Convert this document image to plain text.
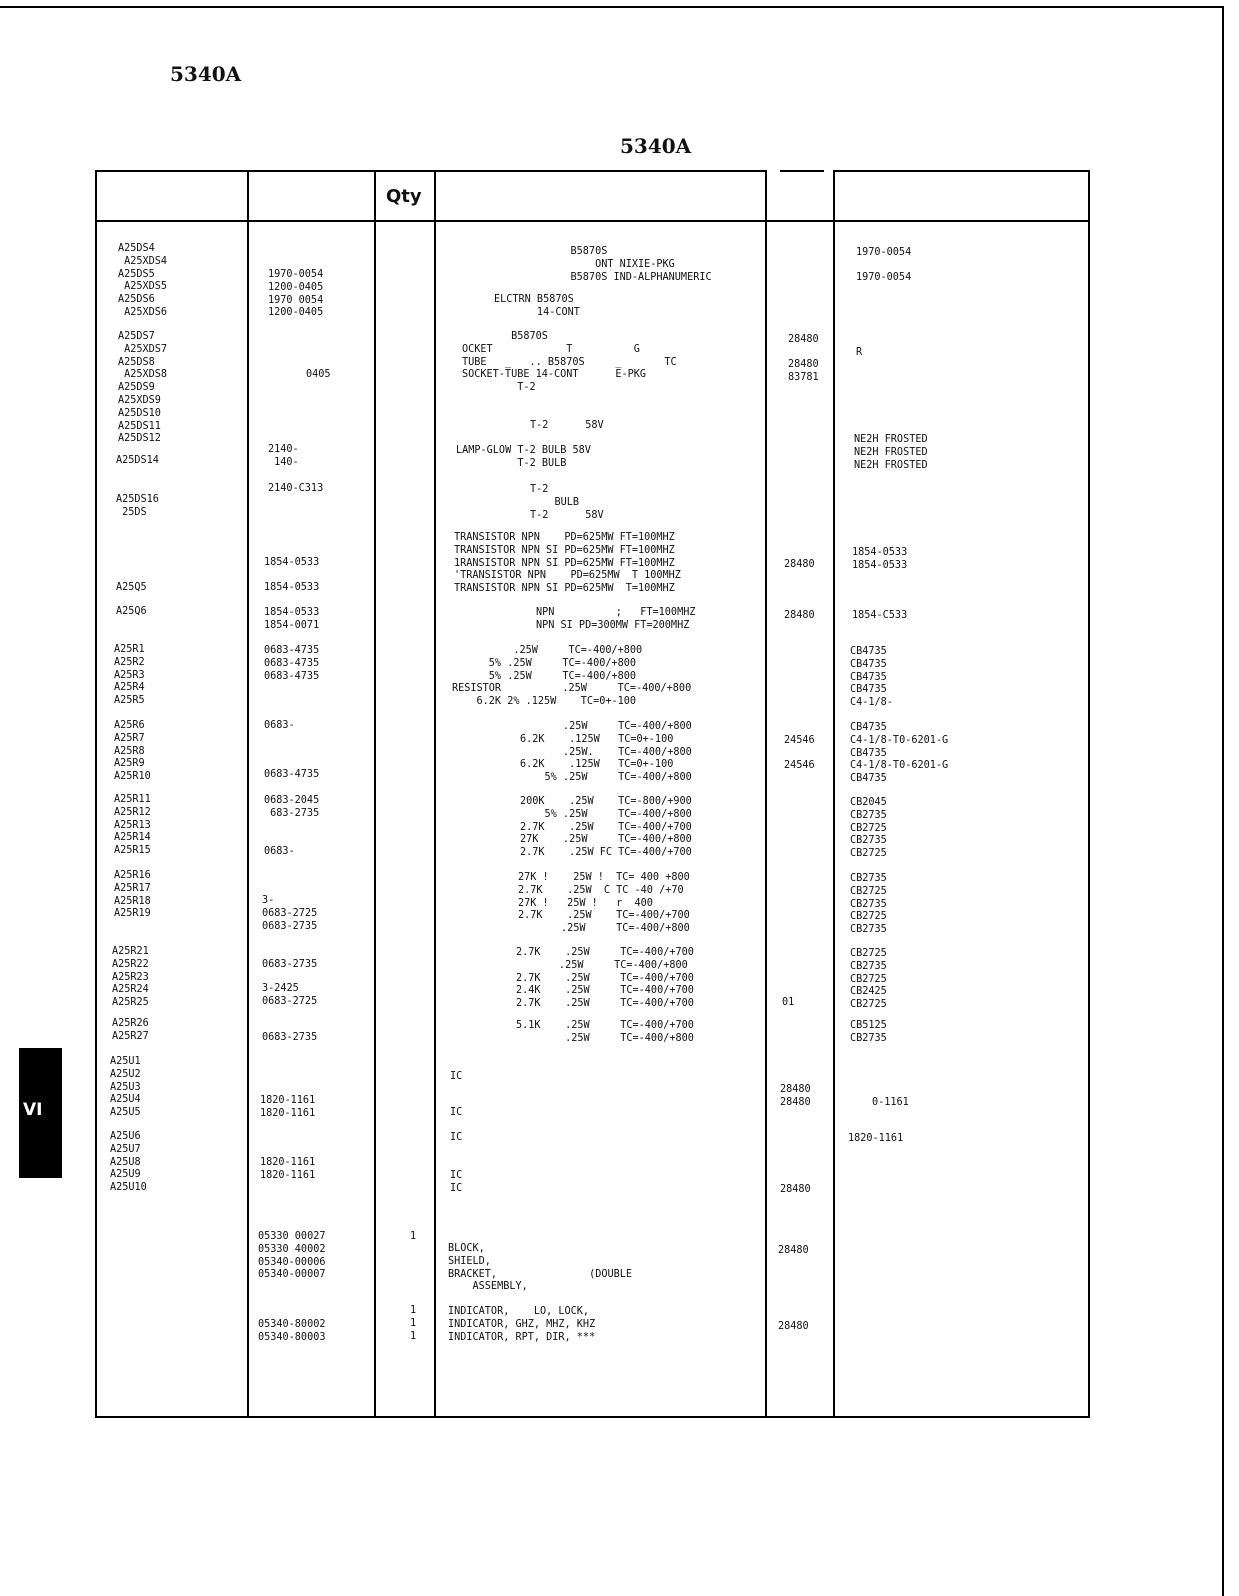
5340A
5340A
Qty
A25DS4
A25XDS4
A25DS5
A25XDS5
A25DS6
A25XDS6
A25DS7
A25XDS7
A25DS8
A25XDS8
A25DS9
A25XDS9
A25DS10
A25DS11
A25DS12
A25DS14
A25DS16
25DS
A25Q5
A25Q6
A25R1
A25R2
A25R3
A25R4
A25R5
A25R6
A25R7
A25R8
A25R9
A25R10
A25R11
A25R12
A25R13
A25R14
A25R15
A25R16
A25R17
A25R18
A25R19
A25R21
A25R22
A25R23
A25R24
A25R25
A25R26
A25R27
A25U1
A25U2
A25U3
A25U4
A25U5
A25U6
A25U7
A25U8
A25U9
A25U10
1970-0054
1200-0405
1970 0054
1200-0405
0405
2140-
140-
2140-C313
1854-0533
1854-0533
1854-0533
1854-0071
0683-4735
0683-4735
0683-4735
0683-
0683-4735
0683-2045
683-2735
0683-
3-
0683-2725
0683-2735
0683-2735
3-2425
0683-2725
0683-2735
1820-1161
1820-1161
1820-1161
1820-1161
05330 00027
05330 40002
05340-00006
05340-00007
05340-80002
05340-80003
1
1
1
1
B5870S
ONT NIXIE-PKG
B5870S IND-ALPHANUMERIC
ELCTRN B5870S
14-CONT
B5870S
OCKET            T          G
TUBE   _   .. B5870S     _       TC
SOCKET-TUBE 14-CONT      E-PKG
T-2
T-2      58V
LAMP-GLOW T-2 BULB 58V
T-2 BULB
T-2
BULB
T-2      58V
TRANSISTOR NPN    PD=625MW FT=100MHZ
TRANSISTOR NPN SI PD=625MW FT=100MHZ
1RANSISTOR NPN SI PD=625MW FT=100MHZ
'TRANSISTOR NPN    PD=625MW  T 100MHZ
TRANSISTOR NPN SI PD=625MW  T=100MHZ
NPN          ;   FT=100MHZ
NPN SI PD=300MW FT=200MHZ
.25W     TC=-400/+800
5% .25W     TC=-400/+800
5% .25W     TC=-400/+800
RESISTOR          .25W     TC=-400/+800
6.2K 2% .125W    TC=0+-100
.25W     TC=-400/+800
6.2K    .125W   TC=0+-100
.25W.    TC=-400/+800
6.2K    .125W   TC=0+-100
5% .25W     TC=-400/+800
200K    .25W    TC=-800/+900
5% .25W     TC=-400/+800
2.7K    .25W    TC=-400/+700
27K    .25W     TC=-400/+800
2.7K    .25W FC TC=-400/+700
27K !    25W !  TC= 400 +800
2.7K    .25W  C TC -40 /+70
27K !   25W !   r  400
2.7K    .25W    TC=-400/+700
.25W     TC=-400/+800
2.7K    .25W     TC=-400/+700
.25W     TC=-400/+800
2.7K    .25W     TC=-400/+700
2.4K    .25W     TC=-400/+700
2.7K    .25W     TC=-400/+700
5.1K    .25W     TC=-400/+700
.25W     TC=-400/+800
IC
IC
IC
IC
IC
BLOCK,
SHIELD,
BRACKET,               (DOUBLE
ASSEMBLY,
INDICATOR,    LO, LOCK,
INDICATOR, GHZ, MHZ, KHZ
INDICATOR, RPT, DIR, ***
28480
28480
83781
28480
28480
24546
24546
01
28480
28480
28480
28480
28480
1970-0054
1970-0054
R
NE2H FROSTED
NE2H FROSTED
NE2H FROSTED
1854-0533
1854-0533
1854-C533
CB4735
CB4735
CB4735
CB4735
C4-1/8-
CB4735
C4-1/8-T0-6201-G
CB4735
C4-1/8-T0-6201-G
CB4735
CB2045
CB2735
CB2725
CB2735
CB2725
CB2735
CB2725
CB2735
CB2725
CB2735
CB2725
CB2735
CB2725
CB2425
CB2725
CB5125
CB2735
0-1161
1820-1161
VI
